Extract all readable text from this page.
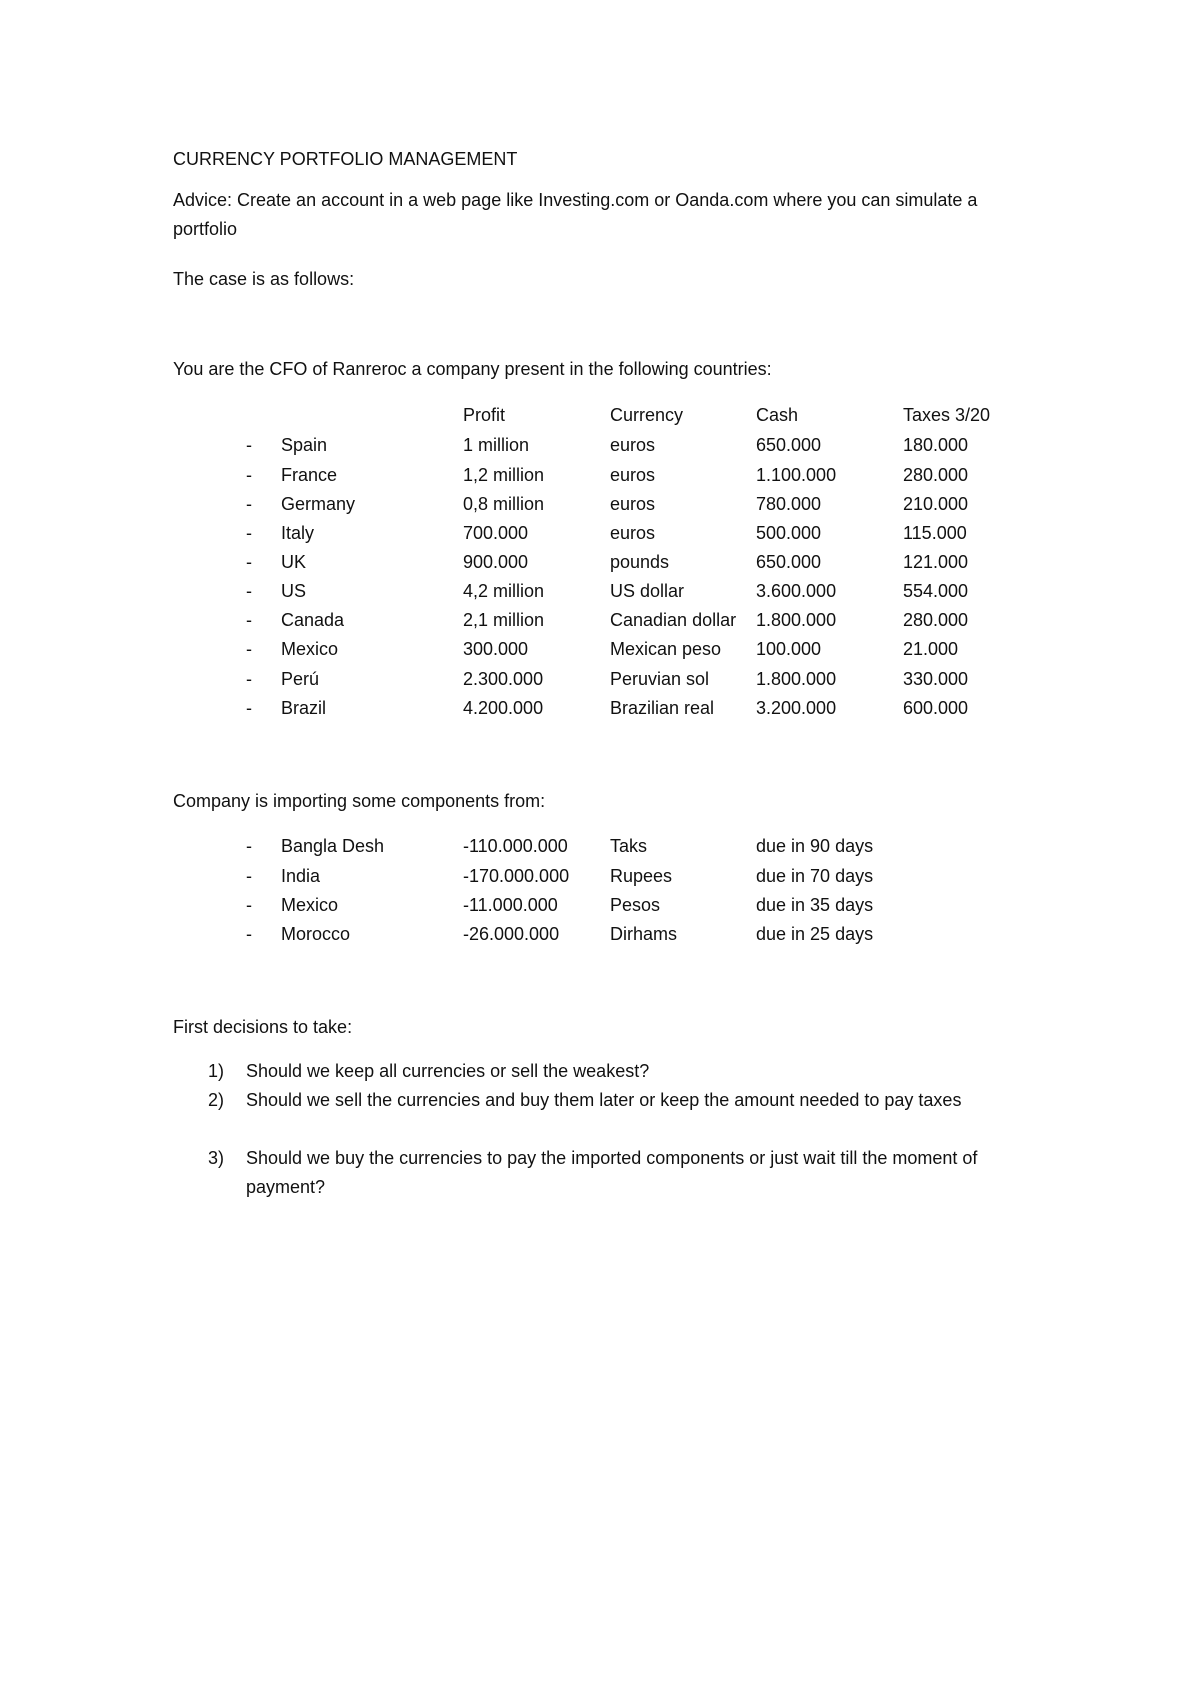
CURRENCY PORTFOLIO MANAGEMENT
Advice: Create an account in a web page like Investing.com or Oanda.com where you can simulate a portfolio
The case is as follows:
You are the CFO of Ranreroc a company present in the following countries:
Profit	Currency	Cash	Taxes 3/20
- Spain	1 million	euros	650.000	180.000
- France	1,2 million	euros	1.100.000	280.000
- Germany	0,8 million	euros	780.000	210.000
- Italy	700.000	euros	500.000	115.000
- UK	900.000	pounds	650.000	121.000
- US	4,2 million	US dollar	3.600.000	554.000
- Canada	2,1 million	Canadian dollar 1.800.000	280.000
- Mexico	300.000	Mexican peso 100.000	21.000
- Perú	2.300.000	Peruvian sol	1.800.000	330.000
- Brazil	4.200.000	Brazilian real 3.200.000	600.000
Company is importing some components from:
- Bangla Desh	-110.000.000 Taks	due in 90 days
- India	-170.000.000 Rupees	due in 70 days
- Mexico	-11.000.000	Pesos	due in 35 days
- Morocco	-26.000.000	Dirhams	due in 25 days
First decisions to take:
1) Should we keep all currencies or sell the weakest?
2) Should we sell the currencies and buy them later or keep the amount needed to pay taxes
3) Should we buy the currencies to pay the imported components or just wait till the moment of payment?
